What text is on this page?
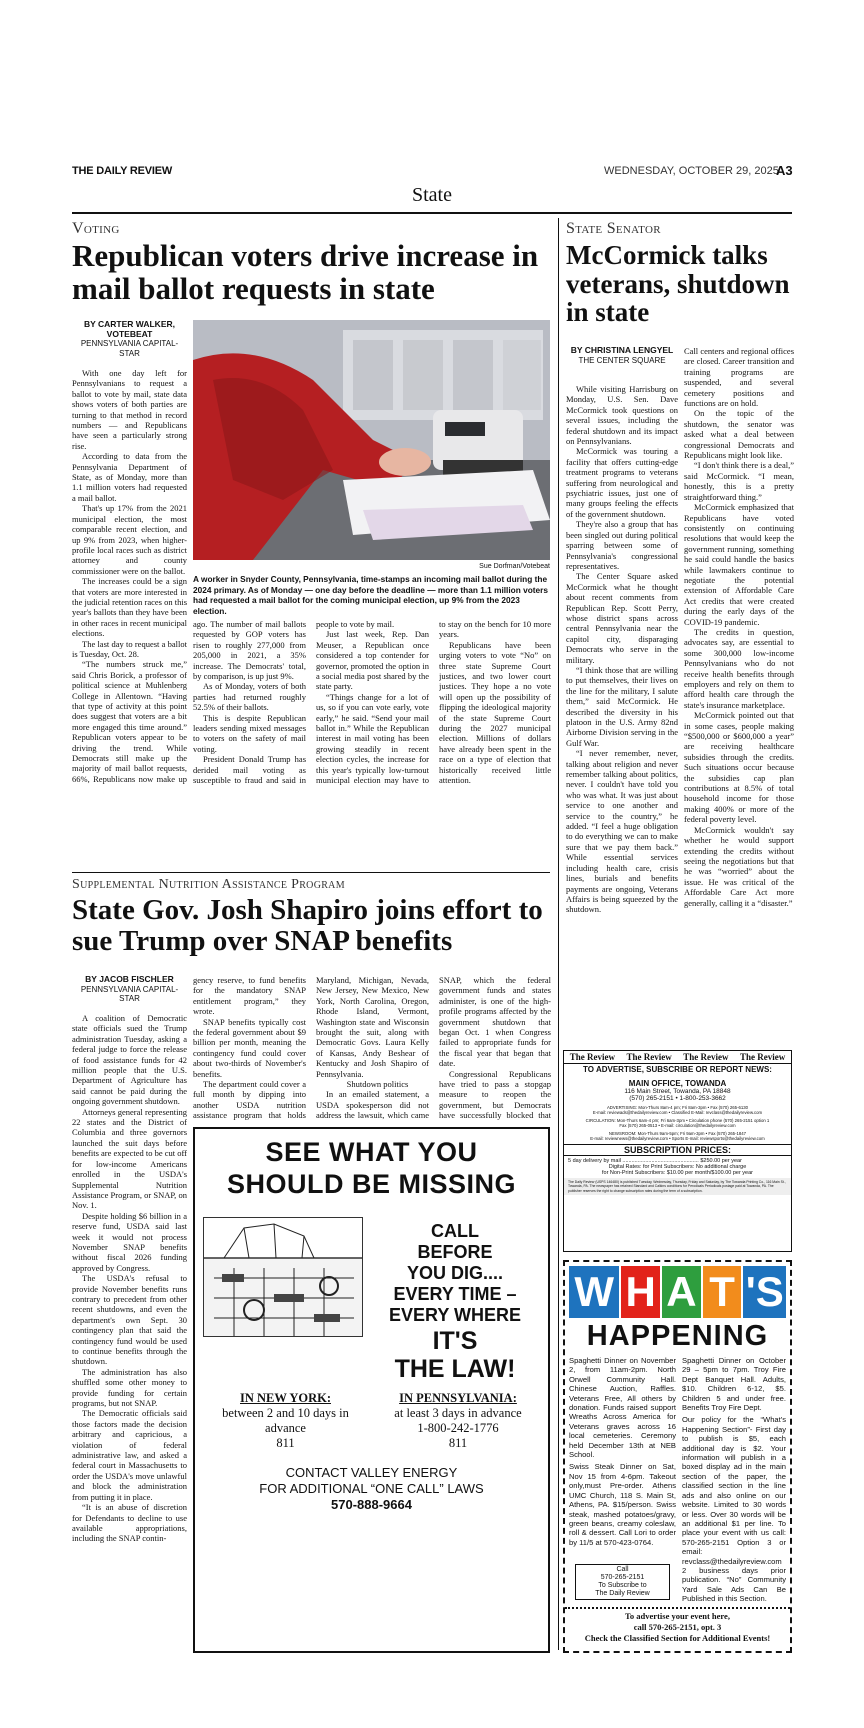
THE DAILY REVIEW	WEDNESDAY, OCTOBER 29, 2025
A3
State
Voting
Republican voters drive increase in mail ballot requests in state
BY CARTER WALKER, VOTEBEAT
PENNSYLVANIA CAPITAL-STAR

With one day left for Pennsylvanians to request a ballot to vote by mail, state data shows voters of both parties are turning to that method in record numbers — and Republicans have seen a particularly strong rise.

According to data from the Pennsylvania Department of State, as of Monday, more than 1.1 million voters had requested a mail ballot.

That's up 17% from the 2021 municipal election, the most comparable recent election, and up 9% from 2023, when higher-profile local races such as district attorney and county commissioner were on the ballot.

The increases could be a sign that voters are more interested in the judicial retention races on this year's ballots than they have been in other races in recent municipal elections.

The last day to request a ballot is Tuesday, Oct. 28.

“The numbers struck me,” said Chris Borick, a professor of political science at Muhlenberg College in Allentown. “Having that type of activity at this point does suggest that voters are a bit more engaged this time around.” Republican voters appear to be driving the trend. While Democrats still make up the majority of mail ballot requests, 66%, Republicans now make up

Sue Dorfman/Votebeat
A worker in Snyder County, Pennsylvania, time-stamps an incoming mail ballot during the 2024 primary. As of Monday — one day before the deadline — more than 1.1 million voters had requested a mail ballot for the coming municipal election, up 9% from the 2023 election.

ago. The number of mail ballots requested by GOP voters has risen to roughly 277,000 from 205,000 in 2021, a 35% increase. The Democrats' total, by comparison, is up just 9%.

As of Monday, voters of both parties had returned roughly 52.5% of their ballots.

This is despite Republican leaders sending mixed messages to voters on the safety of mail voting.

President Donald Trump has derided mail voting as susceptible to fraud and said in

people to vote by mail.

Just last week, Rep. Dan Meuser, a Republican once considered a top contender for governor, promoted the option in a social media post shared by the state party.

“Things change for a lot of us, so if you can vote early, vote early,” he said. “Send your mail ballot in.” While the Republican interest in mail voting has been growing steadily in recent election cycles, the increase for this year's typically low-turnout municipal election may have to

to stay on the bench for 10 more years.

Republicans have been urging voters to vote “No” on three state Supreme Court justices, and two lower court justices. They hope a no vote will open up the possibility of flipping the ideological majority of the state Supreme Court during the 2027 municipal election. Millions of dollars have already been spent in the race on a type of election that historically received little attention.

State Senator
McCormick talks veterans, shutdown in state
BY CHRISTINA LENGYEL
THE CENTER SQUARE

While visiting Harrisburg on Monday, U.S. Sen. Dave McCormick took questions on several issues, including the federal shutdown and its impact on Pennsylvanians.

McCormick was touring a facility that offers cutting-edge treatment programs to veterans suffering from neurological and psychiatric issues, just one of many groups feeling the effects of the government shutdown.

They're also a group that has been singled out during political sparring between some of Pennsylvania's congressional representatives.

The Center Square asked McCormick what he thought about recent comments from Republican Rep. Scott Perry, whose district spans across central Pennsylvania near the capitol city, disparaging Democrats who serve in the military.

“I think those that are willing to put themselves, their lives on the line for the military, I salute them,” said McCormick. He described the diversity in his platoon in the U.S. Army 82nd Airborne Division serving in the Gulf War.

“I never remember, never, talking about religion and never remember talking about politics, never. I couldn't have told you who was what. It was just about service to one another and service to the country,” he added. “I feel a huge obligation to do everything we can to make sure that we pay them back.” While essential services including health care, crisis lines, burials and benefits payments are ongoing, Veterans Affairs is being squeezed by the shutdown.

Call centers and regional offices are closed. Career transition and training programs are suspended, and several cemetery positions and functions are on hold.

On the topic of the shutdown, the senator was asked what a deal between congressional Democrats and Republicans might look like.

“I don't think there is a deal,” said McCormick. “I mean, honestly, this is a pretty straightforward thing.”

McCormick emphasized that Republicans have voted consistently on continuing resolutions that would keep the government running, something he said could handle the basics while lawmakers continue to negotiate the potential extension of Affordable Care Act credits that were created during the early days of the COVID-19 pandemic.

The credits in question, advocates say, are essential to some 300,000 low-income Pennsylvanians who do not receive health benefits through employers and rely on them to afford health care through the state's insurance marketplace.

McCormick pointed out that in some cases, people making “$500,000 or $600,000 a year” are receiving healthcare subsidies through the credits. Such situations occur because the subsidies cap plan contributions at 8.5% of total household income for those making 400% or more of the federal poverty level.

McCormick wouldn't say whether he would support extending the credits without seeing the negotiations but that he was “worried” about the issue. He was critical of the Affordable Care Act more generally, calling it a “disaster.”

Supplemental Nutrition Assistance Program
State Gov. Josh Shapiro joins effort to sue Trump over SNAP benefits
BY JACOB FISCHLER
PENNSYLVANIA CAPITAL-STAR

A coalition of Democratic state officials sued the Trump administration Tuesday, asking a federal judge to force the release of food assistance funds for 42 million people that the U.S. Department of Agriculture has said cannot be paid during the ongoing government shutdown.

Attorneys general representing 22 states and the District of Columbia and three governors launched the suit days before benefits are expected to be cut off for low-income Americans enrolled in the USDA's Supplemental Nutrition Assistance Program, or SNAP, on Nov. 1.

Despite holding $6 billion in a reserve fund, USDA said last week it would not process November SNAP benefits without fiscal 2026 funding approved by Congress.

The USDA's refusal to provide November benefits runs contrary to precedent from other recent shutdowns, and even the department's own Sept. 30 contingency plan that said the contingency fund would be used to continue benefits through the shutdown.

The administration has also shuffled some other money to provide funding for certain programs, but not SNAP.

The Democratic officials said those factors made the decision arbitrary and capricious, a violation of federal administrative law, and asked a federal court in Massachusetts to order the USDA's move unlawful and block the administration from putting it in place.

“It is an abuse of discretion for Defendants to decline to use available appropriations, including the SNAP contin-

gency reserve, to fund benefits for the mandatory SNAP entitlement program,” they wrote.

SNAP benefits typically cost the federal government about $9 billion per month, meaning the contingency fund could cover about two-thirds of November's benefits.

The department could cover a full month by dipping into another USDA nutrition assistance program that holds

Maryland, Michigan, Nevada, New Jersey, New Mexico, New York, North Carolina, Oregon, Rhode Island, Vermont, Washington state and Wisconsin brought the suit, along with Democratic Govs. Laura Kelly of Kansas, Andy Beshear of Kentucky and Josh Shapiro of Pennsylvania.

Shutdown politics

In an emailed statement, a USDA spokesperson did not address the lawsuit, which came

SNAP, which the federal government funds and states administer, is one of the high-profile programs affected by the government shutdown that began Oct. 1 when Congress failed to appropriate funds for the fiscal year that began that date.

Congressional Republicans have tried to pass a stopgap measure to reopen the government, but Democrats have successfully blocked that

SEE WHAT YOU
SHOULD BE MISSING
CALL
BEFORE
YOU DIG....
EVERY TIME –
EVERY WHERE
IT'S
THE LAW!
IN NEW YORK:
between 2 and 10 days in advance
811
IN PENNSYLVANIA:
at least 3 days in advance
1-800-242-1776
811
CONTACT VALLEY ENERGY
FOR ADDITIONAL “ONE CALL” LAWS
570-888-9664
The Review The Review The Review The Review
TO ADVERTISE, SUBSCRIBE OR REPORT NEWS:
MAIN OFFICE, TOWANDA
116 Main Street, Towanda, PA 18848
(570) 265-2151 • 1-800-253-3662
ADVERTISING: Mon-Thurs 8am-4 pm; Fri 8am-3pm • Fax (570) 265-6130
E-mail: reviewads@thedailyreview.com • Classified E-Mail: revclass@thedailyreview.com
CIRCULATION: Mon-Thurs 6am-4 pm; Fri 6am-3pm • Circulation phone (570) 265-2151 option 1
Fax (570) 265-0513 • E-mail: circulation@thedailyreview.com
NEWSROOM: Mon-Thurs 9am-5pm; Fri 9am-3pm • Fax (570) 265-1847
E-mail: reviewnews@thedailyreview.com • Sports E-mail: reviewsports@thedailyreview.com
SUBSCRIPTION PRICES:
5 day delivery by mail .................................................. $250.00 per year
Digital Rates: for Print Subscribers: No additional charge
for Non-Print Subscribers: $10.00 per month/$100.00 per year
The Daily Review (USPS 146480) is published Tuesday, Wednesday, Thursday, Friday and Saturday, by The Towanda Printing Co., 116 Main St., Towanda, PA. The newspaper has retained Standard and Calkins conditions for Perodicals Periodicals postage paid at Towanda, PA. The publisher reserves the right to change subscription rates during the term of a subscription.
W H A T 'S
HAPPENING

Spaghetti Dinner on November 2, from 11am-2pm. North Orwell Community Hall. Chinese Auction, Raffles. Veterans Free, All others by donation. Funds raised support Wreaths Across America for Veterans graves across 16 local cemeteries. Ceremony held December 13th at NEB School.

Swiss Steak Dinner on Sat, Nov 15 from 4-6pm. Takeout only,must Pre-order. Athens UMC Church, 118 S. Main St, Athens, PA. $15/person. Swiss steak, mashed potatoes/gravy, green beans, creamy coleslaw, roll & dessert. Call Lori to order by 11/5 at 570-423-0764.

Call
570-265-2151
To Subscribe to
The Daily Review

Spaghetti Dinner on October 29 – 5pm to 7pm. Troy Fire Dept Banquet Hall. Adults, $10. Children 6-12, $5. Children 5 and under free. Benefits Troy Fire Dept.

Our policy for the “What's Happening Section”- First day to publish is $5, each additional day is $2. Your information will publish in a boxed display ad in the main section of the paper, the classified section in the line ads and also online on our website. Limited to 30 words or less. Over 30 words will be an additional $1 per line. To place your event with us call: 570-265-2151 Option 3 or email: revclass@thedailyreview.com 2 business days prior publication. “No” Community Yard Sale Ads Can Be Published in this Section.

To advertise your event here,
call 570-265-2151, opt. 3
Check the Classified Section for Additional Events!
